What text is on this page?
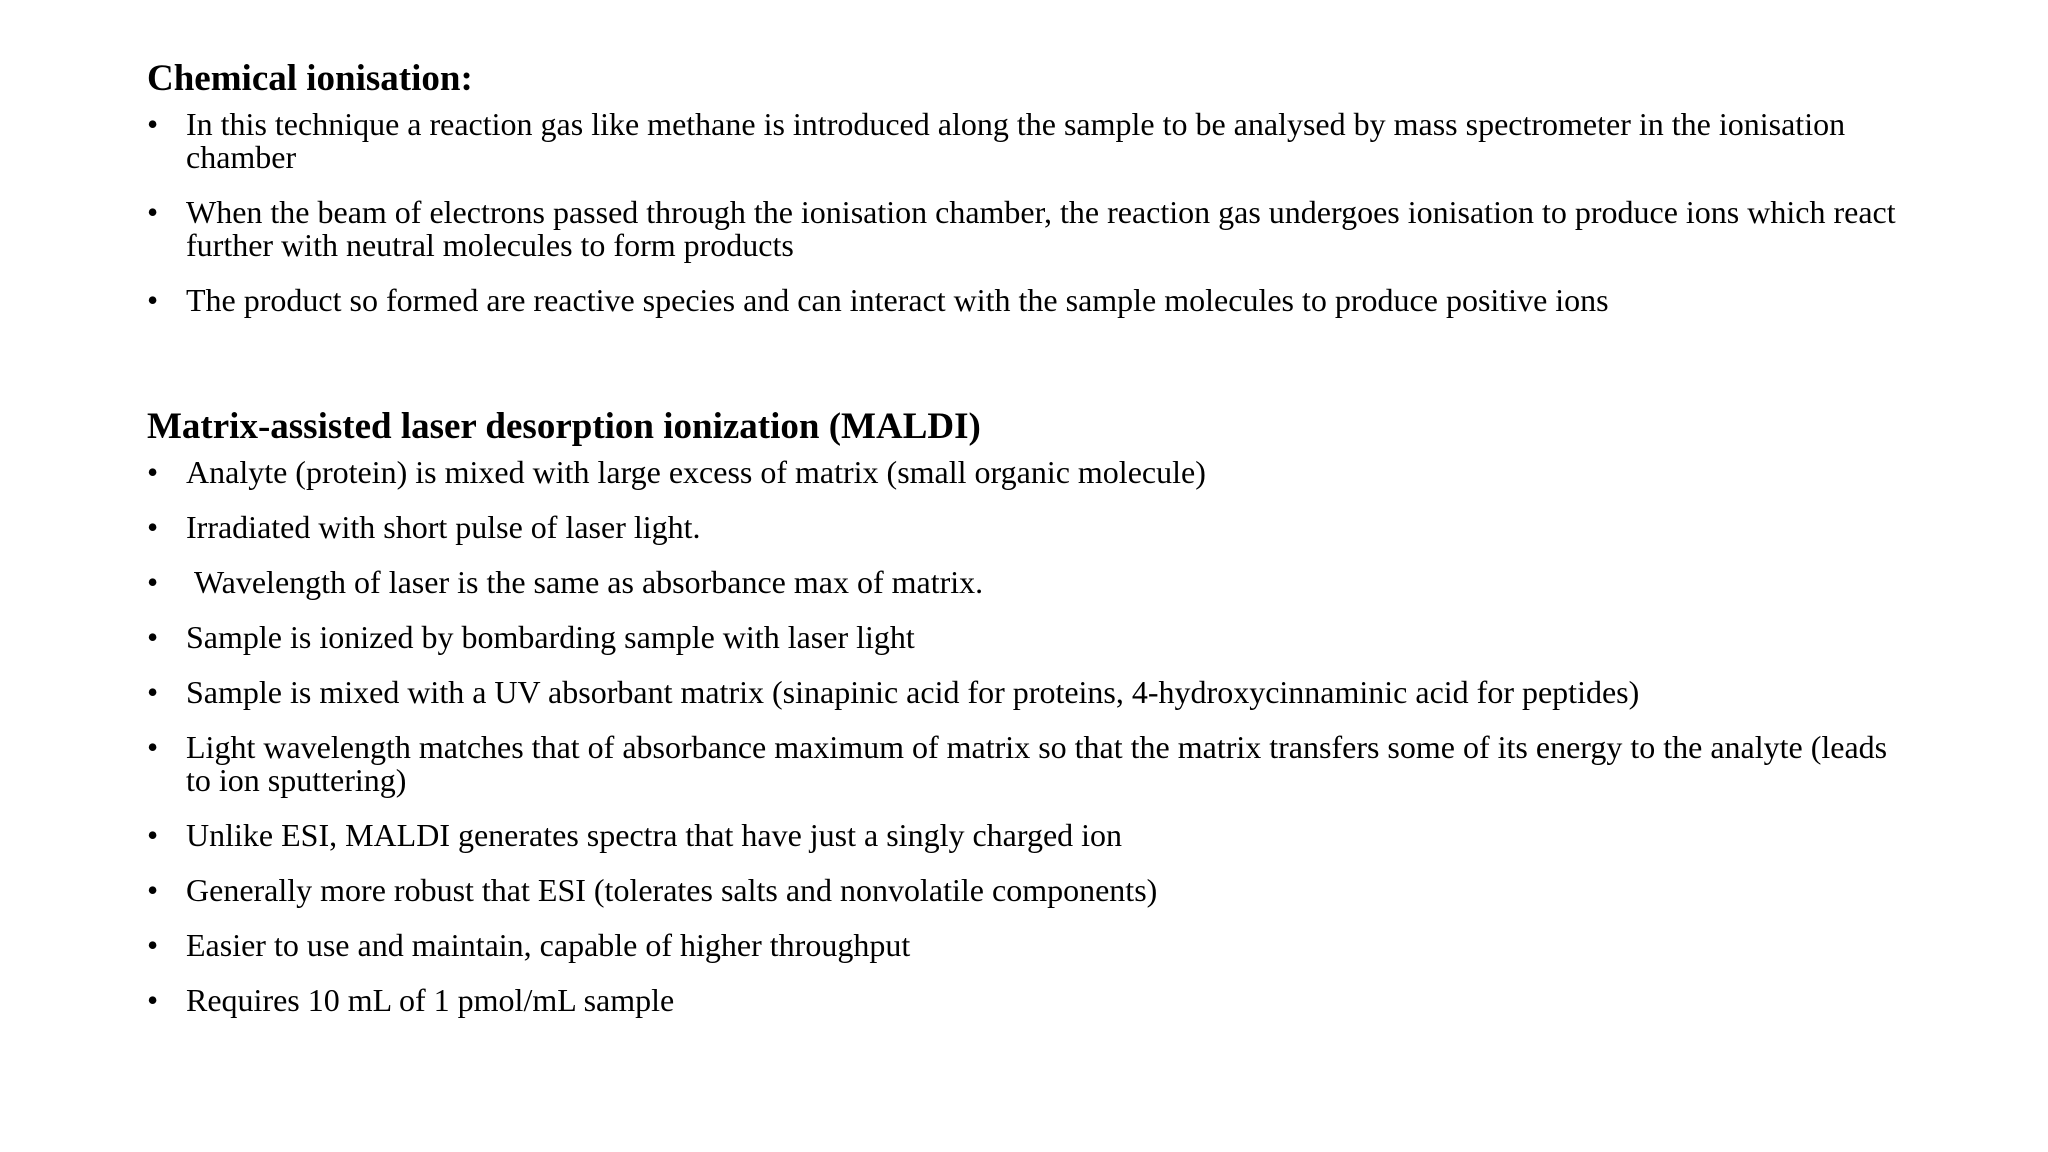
Chemical ionisation:
• In this technique a reaction gas like methane is introduced along the sample to be analysed by mass spectrometer in the ionisation chamber
• When the beam of electrons passed through the ionisation chamber, the reaction gas undergoes ionisation to produce ions which react further with neutral molecules to form products
• The product so formed are reactive species and can interact with the sample molecules to produce positive ions
Matrix-assisted laser desorption ionization (MALDI)
• Analyte (protein) is mixed with large excess of matrix (small organic molecule)
• Irradiated with short pulse of laser light.
• Wavelength of laser is the same as absorbance max of matrix.
• Sample is ionized by bombarding sample with laser light
• Sample is mixed with a UV absorbant matrix (sinapinic acid for proteins, 4-hydroxycinnaminic acid for peptides)
• Light wavelength matches that of absorbance maximum of matrix so that the matrix transfers some of its energy to the analyte (leads to ion sputtering)
• Unlike ESI, MALDI generates spectra that have just a singly charged ion
• Generally more robust that ESI (tolerates salts and nonvolatile components)
• Easier to use and maintain, capable of higher throughput
• Requires 10 mL of 1 pmol/mL sample
